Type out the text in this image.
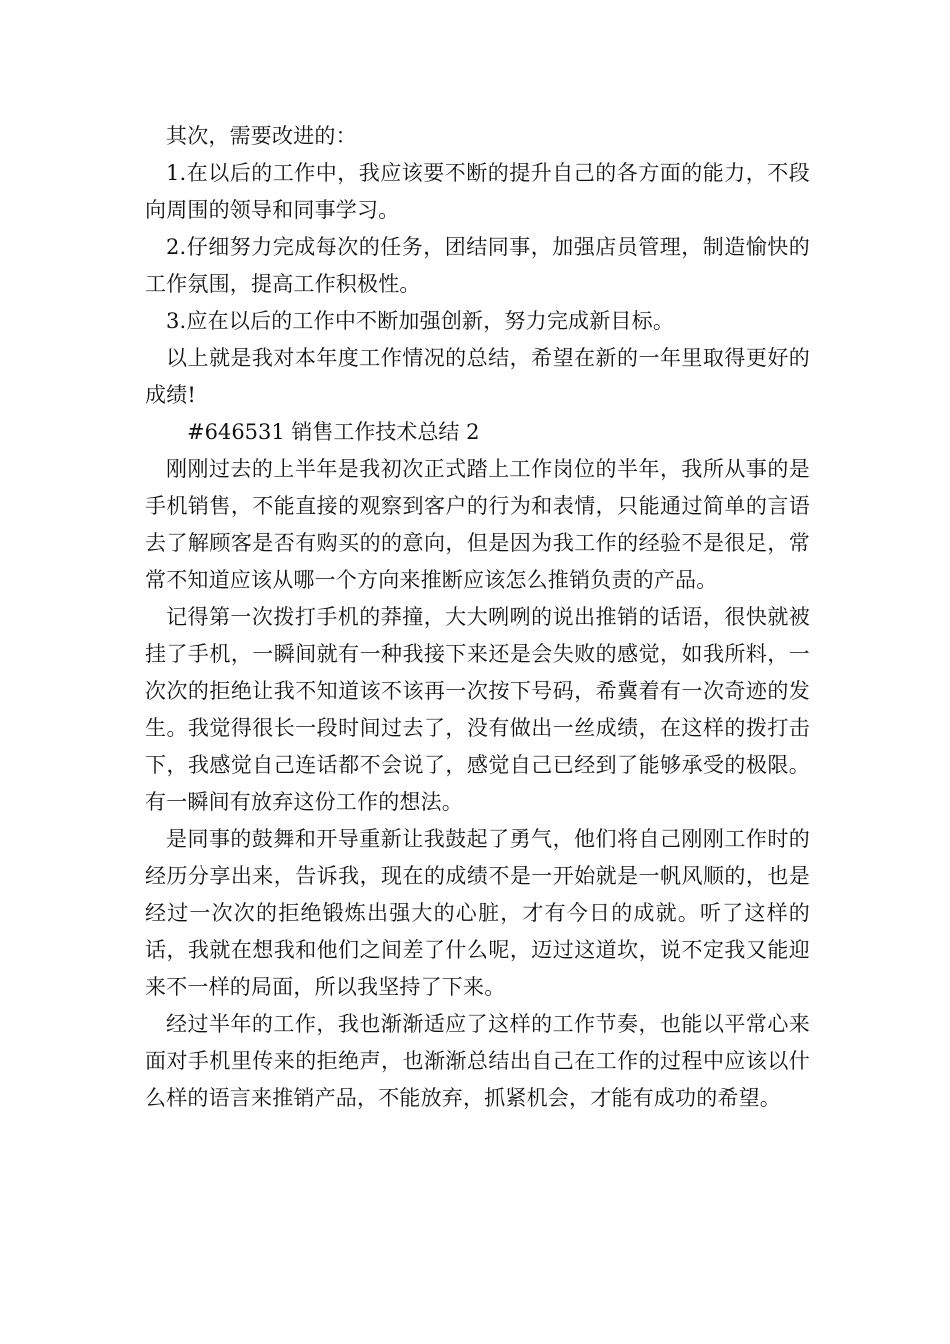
其次，需要改进的：

1.在以后的工作中，我应该要不断的提升自己的各方面的能力，不段向周围的领导和同事学习。

2.仔细努力完成每次的任务，团结同事，加强店员管理，制造愉快的工作氛围，提高工作积极性。

3.应在以后的工作中不断加强创新，努力完成新目标。

以上就是我对本年度工作情况的总结，希望在新的一年里取得更好的成绩!

#646531 销售工作技术总结 2

刚刚过去的上半年是我初次正式踏上工作岗位的半年，我所从事的是手机销售，不能直接的观察到客户的行为和表情，只能通过简单的言语去了解顾客是否有购买的的意向，但是因为我工作的经验不是很足，常常不知道应该从哪一个方向来推断应该怎么推销负责的产品。

记得第一次拨打手机的莽撞，大大咧咧的说出推销的话语，很快就被挂了手机，一瞬间就有一种我接下来还是会失败的感觉，如我所料，一次次的拒绝让我不知道该不该再一次按下号码，希冀着有一次奇迹的发生。我觉得很长一段时间过去了，没有做出一丝成绩，在这样的拨打击下，我感觉自己连话都不会说了，感觉自己已经到了能够承受的极限。有一瞬间有放弃这份工作的想法。

是同事的鼓舞和开导重新让我鼓起了勇气，他们将自己刚刚工作时的经历分享出来，告诉我，现在的成绩不是一开始就是一帆风顺的，也是经过一次次的拒绝锻炼出强大的心脏，才有今日的成就。听了这样的话，我就在想我和他们之间差了什么呢，迈过这道坎，说不定我又能迎来不一样的局面，所以我坚持了下来。

经过半年的工作，我也渐渐适应了这样的工作节奏，也能以平常心来面对手机里传来的拒绝声，也渐渐总结出自己在工作的过程中应该以什么样的语言来推销产品，不能放弃，抓紧机会，才能有成功的希望。
